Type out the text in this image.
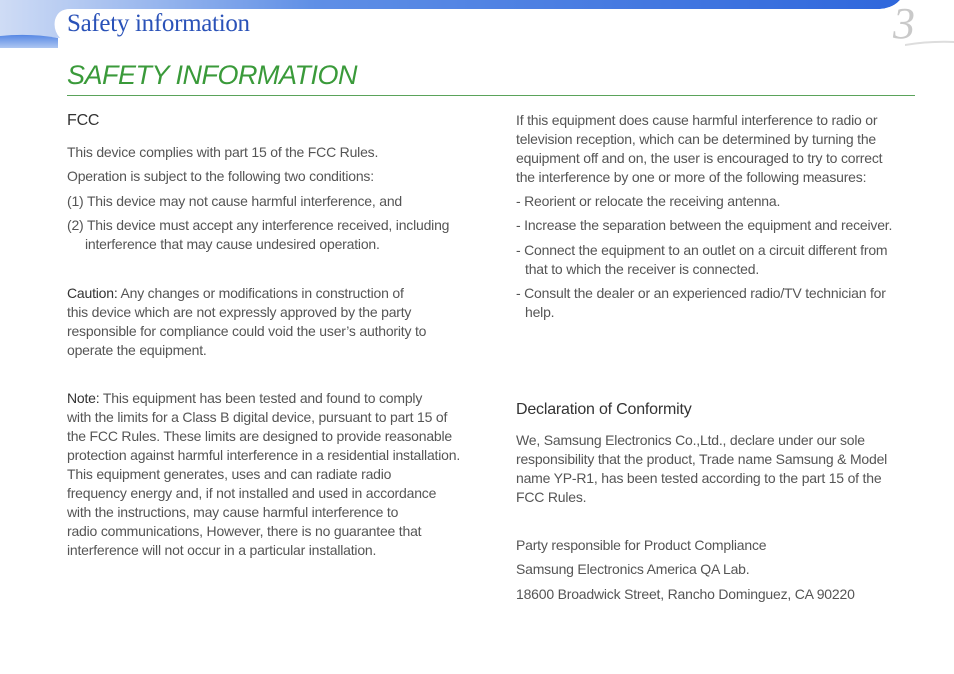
Safety information	3
SAFETY INFORMATION
FCC
This device complies with part 15 of the FCC Rules.
Operation is subject to the following two conditions:
(1) This device may not cause harmful interference, and

(2) This device must accept any interference received, including

interference that may cause undesired operation.

Caution: Any changes or modifications in construction of

this device which are not expressly approved by the party

responsible for compliance could void the user’s authority to

operate the equipment.

Note: This equipment has been tested and found to comply

with the limits for a Class B digital device, pursuant to part 15 of

the FCC Rules. These limits are designed to provide reasonable

protection against harmful interference in a residential installation.

This equipment generates, uses and can radiate radio

frequency energy and, if not installed and used in accordance

with the instructions, may cause harmful interference to

radio communications, However, there is no guarantee that

interference will not occur in a particular installation.

If this equipment does cause harmful interference to radio or

television reception, which can be determined by turning the

equipment off and on, the user is encouraged to try to correct

the interference by one or more of the following measures:

- Reorient or relocate the receiving antenna.
- Increase the separation between the equipment and receiver.

- Connect the equipment to an outlet on a circuit different from

that to which the receiver is connected.

- Consult the dealer or an experienced radio/TV technician for

help.

Declaration of Conformity

We, Samsung Electronics Co.,Ltd., declare under our sole

responsibility that the product, Trade name Samsung & Model

name YP-R1, has been tested according to the part 15 of the

FCC Rules.

Party responsible for Product Compliance
Samsung Electronics America QA Lab.
18600 Broadwick Street, Rancho Dominguez, CA 90220
